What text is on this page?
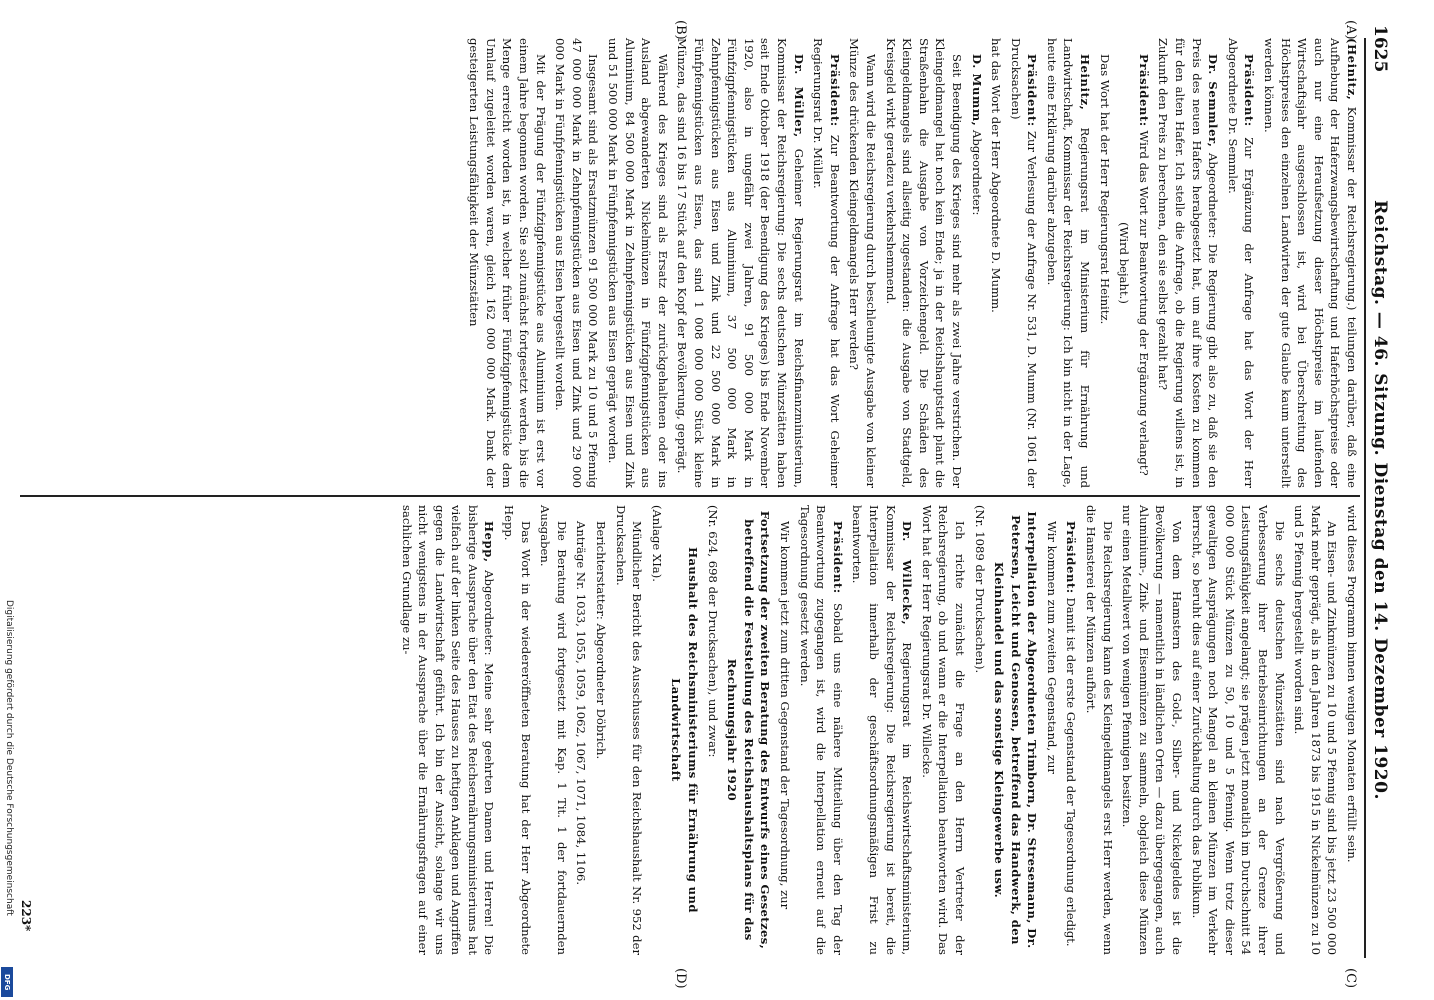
1625
Reichstag. — 46. Sitzung. Dienstag den 14. Dezember 1920.
(A)
(B)
(C)
(D)

(Heinitz, Kommissar der Reichsregierung.) teilungen darüber, daß eine Aufhebung der Haferzwangsbewirtschaftung und Haferhöchstpreise oder auch nur eine Heraufsetzung dieser Höchstpreise im laufenden Wirtschaftsjahr ausgeschlossen ist, wird bei Überschreitung des Höchstpreises den einzelnen Landwirten der gute Glaube kaum unterstellt werden können.

Präsident: Zur Ergänzung der Anfrage hat das Wort der Herr Abgeordnete Dr. Semmler.

Dr. Semmler, Abgeordneter: Die Regierung gibt also zu, daß sie den Preis des neuen Hafers herabgesetzt hat, um auf ihre Kosten zu kommen für den alten Hafer. Ich stelle die Anfrage, ob die Regierung willens ist, in Zukunft den Preis zu berechnen, den sie selbst gezahlt hat?

Präsident: Wird das Wort zur Beantwortung der Ergänzung verlangt?

(Wird bejaht.)

Das Wort hat der Herr Regierungsrat Heinitz.

Heinitz, Regierungsrat im Ministerium für Ernährung und Landwirtschaft, Kommissar der Reichsregierung: Ich bin nicht in der Lage, heute eine Erklärung darüber abzugeben.

Präsident: Zur Verlesung der Anfrage Nr. 531, D. Mumm (Nr. 1061 der Drucksachen)

hat das Wort der Herr Abgeordnete D. Mumm.

D. Mumm, Abgeordneter:

Seit Beendigung des Krieges sind mehr als zwei Jahre verstrichen. Der Kleingeldmangel hat noch kein Ende; ja in der Reichshauptstadt plant die Straßenbahn die Ausgabe von Vorzeichengeld. Die Schäden des Kleingeldmangels sind allseitig zugestanden: die Ausgabe von Stadtgeld, Kreisgeld wirkt geradezu verkehrshemmend.

Wann wird die Reichsregierung durch beschleunigte Ausgabe von kleiner Münze des drückenden Kleingeldmangels Herr werden?

Präsident: Zur Beantwortung der Anfrage hat das Wort Geheimer Regierungsrat Dr. Müller.

Dr. Müller, Geheimer Regierungsrat im Reichsfinanzministerium, Kommissar der Reichsregierung: Die sechs deutschen Münzstätten haben seit Ende Oktober 1918 (der Beendigung des Krieges) bis Ende November 1920, also in ungefähr zwei Jahren, 91 500 000 Mark in Fünfzigpfennigstücken aus Aluminium, 37 500 000 Mark in Zehnpfennigstücken aus Eisen und Zink und 22 500 000 Mark in Fünfpfennigstücken aus Eisen, das sind 1 008 000 000 Stück kleine Münzen, das sind 16 bis 17 Stück auf den Kopf der Bevölkerung, geprägt.

Während des Krieges sind als Ersatz der zurückgehaltenen oder ins Ausland abgewanderten Nickelmünzen in Fünfzigpfennigstücken aus Aluminium, 84 500 000 Mark in Zehnpfennigstücken aus Eisen und Zink und 51 500 000 Mark in Fünfpfennigstücken aus Eisen geprägt worden.

Insgesamt sind als Ersatzmünzen 91 500 000 Mark zu 10 und 5 Pfennig 47 000 000 Mark in Zehnpfennigstücken aus Eisen und Zink und 29 000 000 Mark in Fünfpfennigstücken aus Eisen hergestellt worden.

Mit der Prägung der Fünfzigpfennigstücke aus Aluminium ist erst vor einem Jahre begonnen worden. Sie soll zunächst fortgesetzt werden, bis die Menge erreicht worden ist, in welcher früher Fünfzigpfennigstücke dem Umlauf zugeleitet worden waren, gleich 162 000 000 Mark. Dank der gesteigerten Leistungsfähigkeit der Münzstätten

wird dieses Programm binnen wenigen Monaten erfüllt sein.

An Eisen- und Zinkmünzen zu 10 und 5 Pfennig sind bis jetzt 23 500 000 Mark mehr geprägt, als in den Jahren 1873 bis 1915 in Nickelmünzen zu 10 und 5 Pfennig hergestellt worden sind.

Die sechs deutschen Münzstätten sind nach Vergrößerung und Verbesserung ihrer Betriebseinrichtungen an der Grenze ihrer Leistungsfähigkeit angelangt; sie prägen jetzt monatlich im Durchschnitt 54 000 000 Stück Münzen zu 50, 10 und 5 Pfennig. Wenn trotz dieser gewaltigen Ausprägungen noch Mangel an kleinen Münzen im Verkehr herrscht, so beruht dies auf einer Zurückhaltung durch das Publikum.

Von dem Hamstern des Gold-, Silber- und Nickelgeldes ist die Bevölkerung — namentlich in ländlichen Orten — dazu übergegangen, auch Aluminium-, Zink- und Eisenmünzen zu sammeln, obgleich diese Münzen nur einen Metallwert von wenigen Pfennigen besitzen.

Die Reichsregierung kann des Kleingeldmangels erst Herr werden, wenn die Hamsterei der Münzen aufhört.

Präsident: Damit ist der erste Gegenstand der Tagesordnung erledigt.

Wir kommen zum zweiten Gegenstand, zur

Interpellation der Abgeordneten Trimborn, Dr. Stresemann, Dr. Petersen, Leicht und Genossen, betreffend das Handwerk, den Kleinhandel und das sonstige Kleingewerbe usw.

(Nr. 1089 der Drucksachen).

Ich richte zunächst die Frage an den Herrn Vertreter der Reichsregierung, ob und wann er die Interpellation beantworten wird. Das Wort hat der Herr Regierungsrat Dr. Willecke.

Dr. Willecke, Regierungsrat im Reichswirtschaftsministerium, Kommissar der Reichsregierung: Die Reichsregierung ist bereit, die Interpellation innerhalb der geschäftsordnungsmäßigen Frist zu beantworten.

Präsident: Sobald uns eine nähere Mitteilung über den Tag der Beantwortung zugegangen ist, wird die Interpellation erneut auf die Tagesordnung gesetzt werden.

Wir kommen jetzt zum dritten Gegenstand der Tagesordnung, zur

Fortsetzung der zweiten Beratung des Entwurfs eines Gesetzes, betreffend die Feststellung des Reichshaushaltsplans für das Rechnungsjahr 1920

(Nr. 624, 698 der Drucksachen), und zwar:

Haushalt des Reichsministeriums für Ernährung und Landwirtschaft

(Anlage XIa).

Mündlicher Bericht des Ausschusses für den Reichshaushalt Nr. 952 der Drucksachen.

Berichterstatter: Abgeordneter Döbrich.

Anträge Nr. 1033, 1055, 1059, 1062, 1067, 1071, 1084, 1106.

Die Beratung wird fortgesetzt mit Kap. 1 Tit. 1 der fortdauernden Ausgaben.

Das Wort in der wiedereröffneten Beratung hat der Herr Abgeordnete Hepp.

Hepp, Abgeordneter: Meine sehr geehrten Damen und Herren! Die bisherige Aussprache über den Etat des Reichsernährungsministeriums hat vielfach auf der linken Seite des Hauses zu heftigen Anklagen und Angriffen gegen die Landwirtschaft geführt. Ich bin der Ansicht, solange wir uns nicht wenigstens in der Aussprache über die Ernährungsfragen auf einer sachlichen Grundlage zu-

223*
Digitalisierung gefördert durch die Deutsche Forschungsgemeinschaft
DFG
